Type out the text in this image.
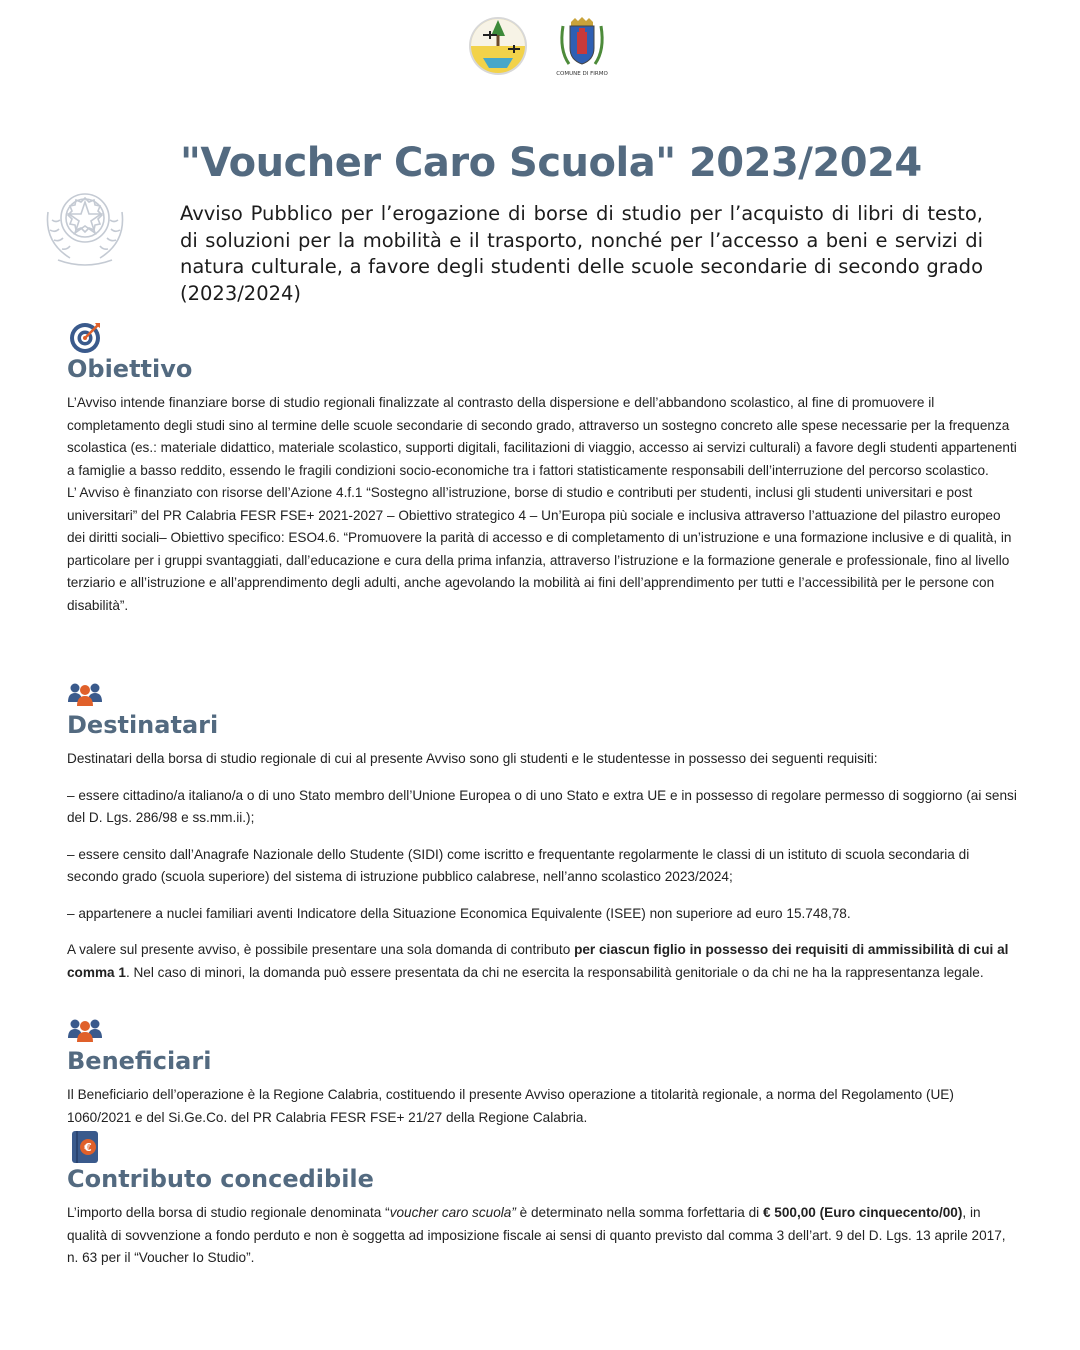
COMUNE DI FIRMO
"Voucher Caro Scuola" 2023/2024

Avviso Pubblico per l’erogazione di borse di studio per l’acquisto di libri di testo, di soluzioni per la mobilità e il trasporto, nonché per l’accesso a beni e servizi di natura culturale, a favore degli studenti delle scuole secondarie di secondo grado (2023/2024)

Obiettivo

L’Avviso intende finanziare borse di studio regionali finalizzate al contrasto della dispersione e dell’abbandono scolastico, al fine di promuovere il completamento degli studi sino al termine delle scuole secondarie di secondo grado, attraverso un sostegno concreto alle spese necessarie per la frequenza scolastica (es.: materiale didattico, materiale scolastico, supporti digitali, facilitazioni di viaggio, accesso ai servizi culturali) a favore degli studenti appartenenti a famiglie a basso reddito, essendo le fragili condizioni socio-economiche tra i fattori statisticamente responsabili dell’interruzione del percorso scolastico.

L’ Avviso è finanziato con risorse dell’Azione 4.f.1 “Sostegno all’istruzione, borse di studio e contributi per studenti, inclusi gli studenti universitari e post universitari” del PR Calabria FESR FSE+ 2021-2027 – Obiettivo strategico 4 – Un’Europa più sociale e inclusiva attraverso l’attuazione del pilastro europeo dei diritti sociali– Obiettivo specifico: ESO4.6. “Promuovere la parità di accesso e di completamento di un’istruzione e una formazione inclusive e di qualità, in particolare per i gruppi svantaggiati, dall’educazione e cura della prima infanzia, attraverso l’istruzione e la formazione generale e professionale, fino al livello terziario e all’istruzione e all’apprendimento degli adulti, anche agevolando la mobilità ai fini dell’apprendimento per tutti e l’accessibilità per le persone con disabilità”.

Destinatari

Destinatari della borsa di studio regionale di cui al presente Avviso sono gli studenti e le studentesse in possesso dei seguenti requisiti:

– essere cittadino/a italiano/a o di uno Stato membro dell’Unione Europea o di uno Stato e extra UE e in possesso di regolare permesso di soggiorno (ai sensi del D. Lgs. 286/98 e ss.mm.ii.);

– essere censito dall’Anagrafe Nazionale dello Studente (SIDI) come iscritto e frequentante regolarmente le classi di un istituto di scuola secondaria di secondo grado (scuola superiore) del sistema di istruzione pubblico calabrese, nell’anno scolastico 2023/2024;

– appartenere a nuclei familiari aventi Indicatore della Situazione Economica Equivalente (ISEE) non superiore ad euro 15.748,78.

A valere sul presente avviso, è possibile presentare una sola domanda di contributo per ciascun figlio in possesso dei requisiti di ammissibilità di cui al comma 1. Nel caso di minori, la domanda può essere presentata da chi ne esercita la responsabilità genitoriale o da chi ne ha la rappresentanza legale.

Beneficiari

Il Beneficiario dell’operazione è la Regione Calabria, costituendo il presente Avviso operazione a titolarità regionale, a norma del Regolamento (UE) 1060/2021 e del Si.Ge.Co. del PR Calabria FESR FSE+ 21/27 della Regione Calabria.

€
Contributo concedibile

L’importo della borsa di studio regionale denominata “voucher caro scuola” è determinato nella somma forfettaria di € 500,00 (Euro cinquecento/00), in qualità di sovvenzione a fondo perduto e non è soggetta ad imposizione fiscale ai sensi di quanto previsto dal comma 3 dell’art. 9 del D. Lgs. 13 aprile 2017, n. 63 per il “Voucher Io Studio”.
